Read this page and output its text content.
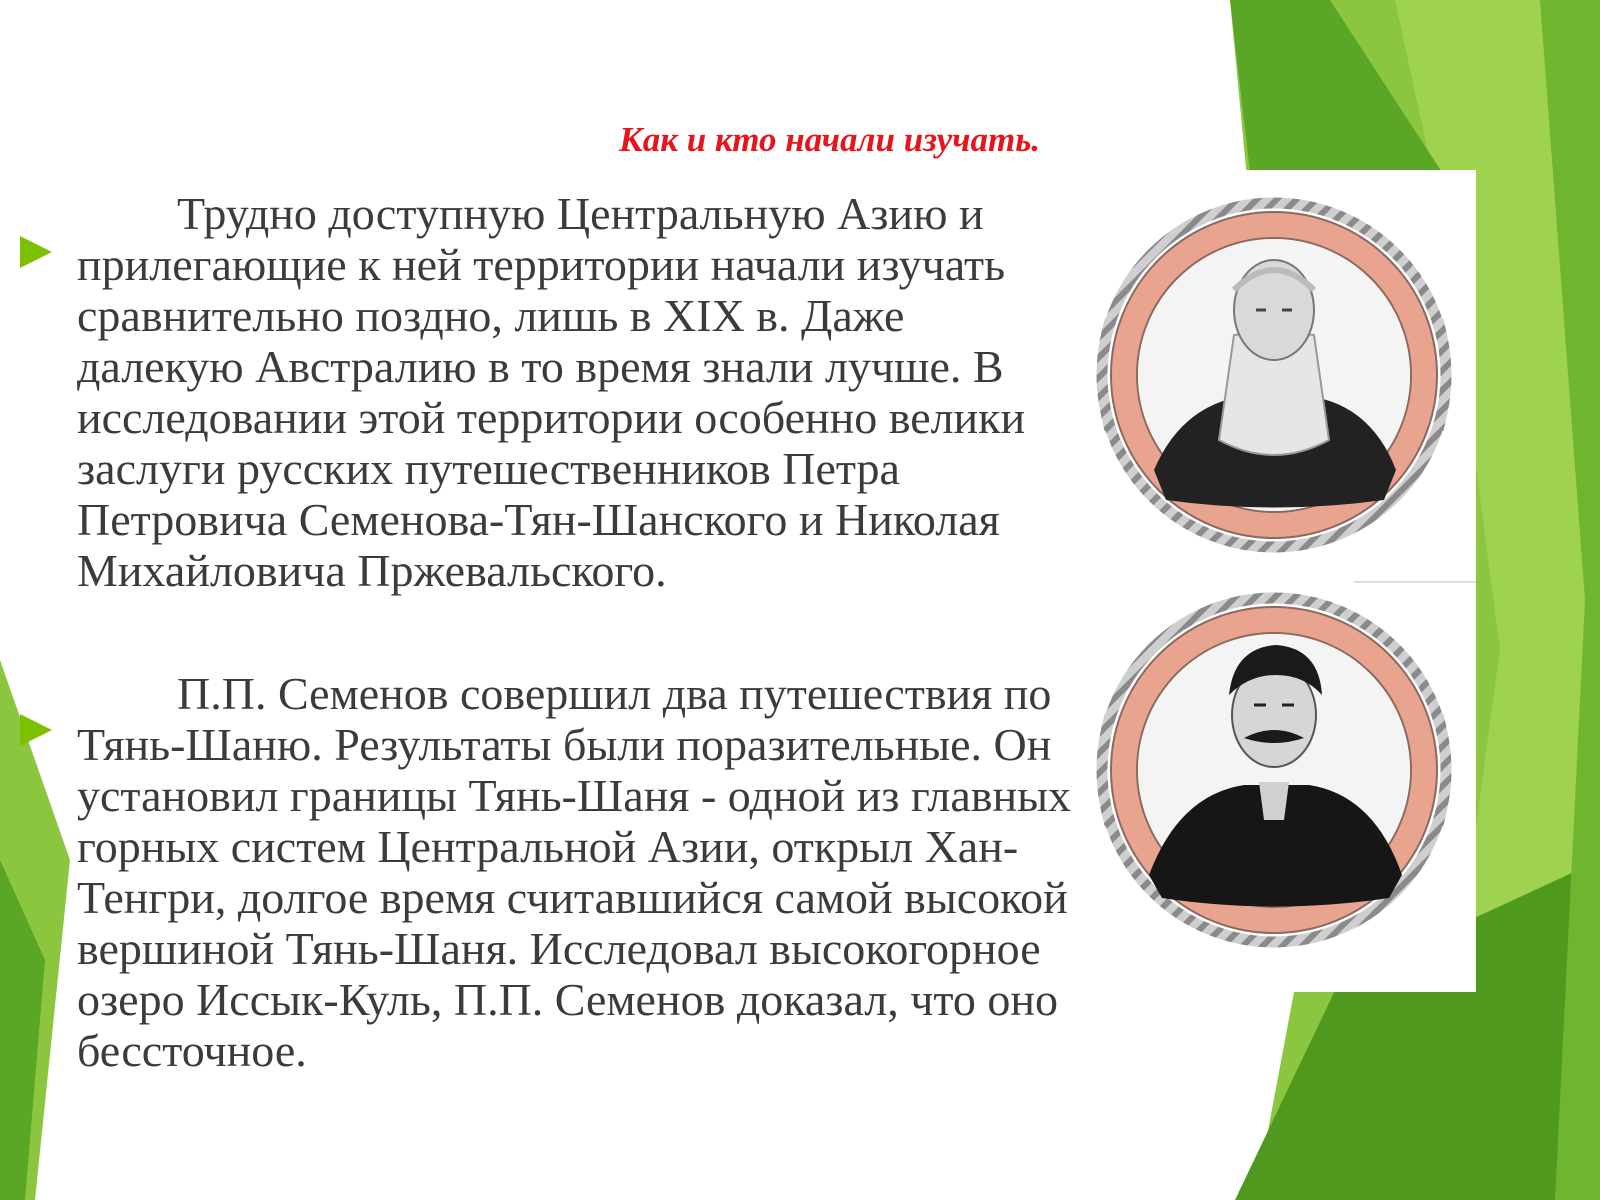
Как и кто начали изучать.

Трудно доступную Центральную Азию и прилегающие к ней территории начали изучать сравнительно поздно, лишь в XIX в. Даже далекую Австралию в то время знали лучше. В исследовании этой территории особенно велики заслуги русских путешественников Петра Петровича Семенова-Тян-Шанского и Николая Михайловича Пржевальского.

П.П. Семенов совершил два путешествия по Тянь-Шаню. Результаты были поразительные. Он установил границы Тянь-Шаня - одной из главных горных систем Центральной Азии, открыл Хан-Тенгри, долгое время считавшийся самой высокой вершиной Тянь-Шаня. Исследовал высокогорное озеро Иссык-Куль, П.П. Семенов доказал, что оно бессточное.
